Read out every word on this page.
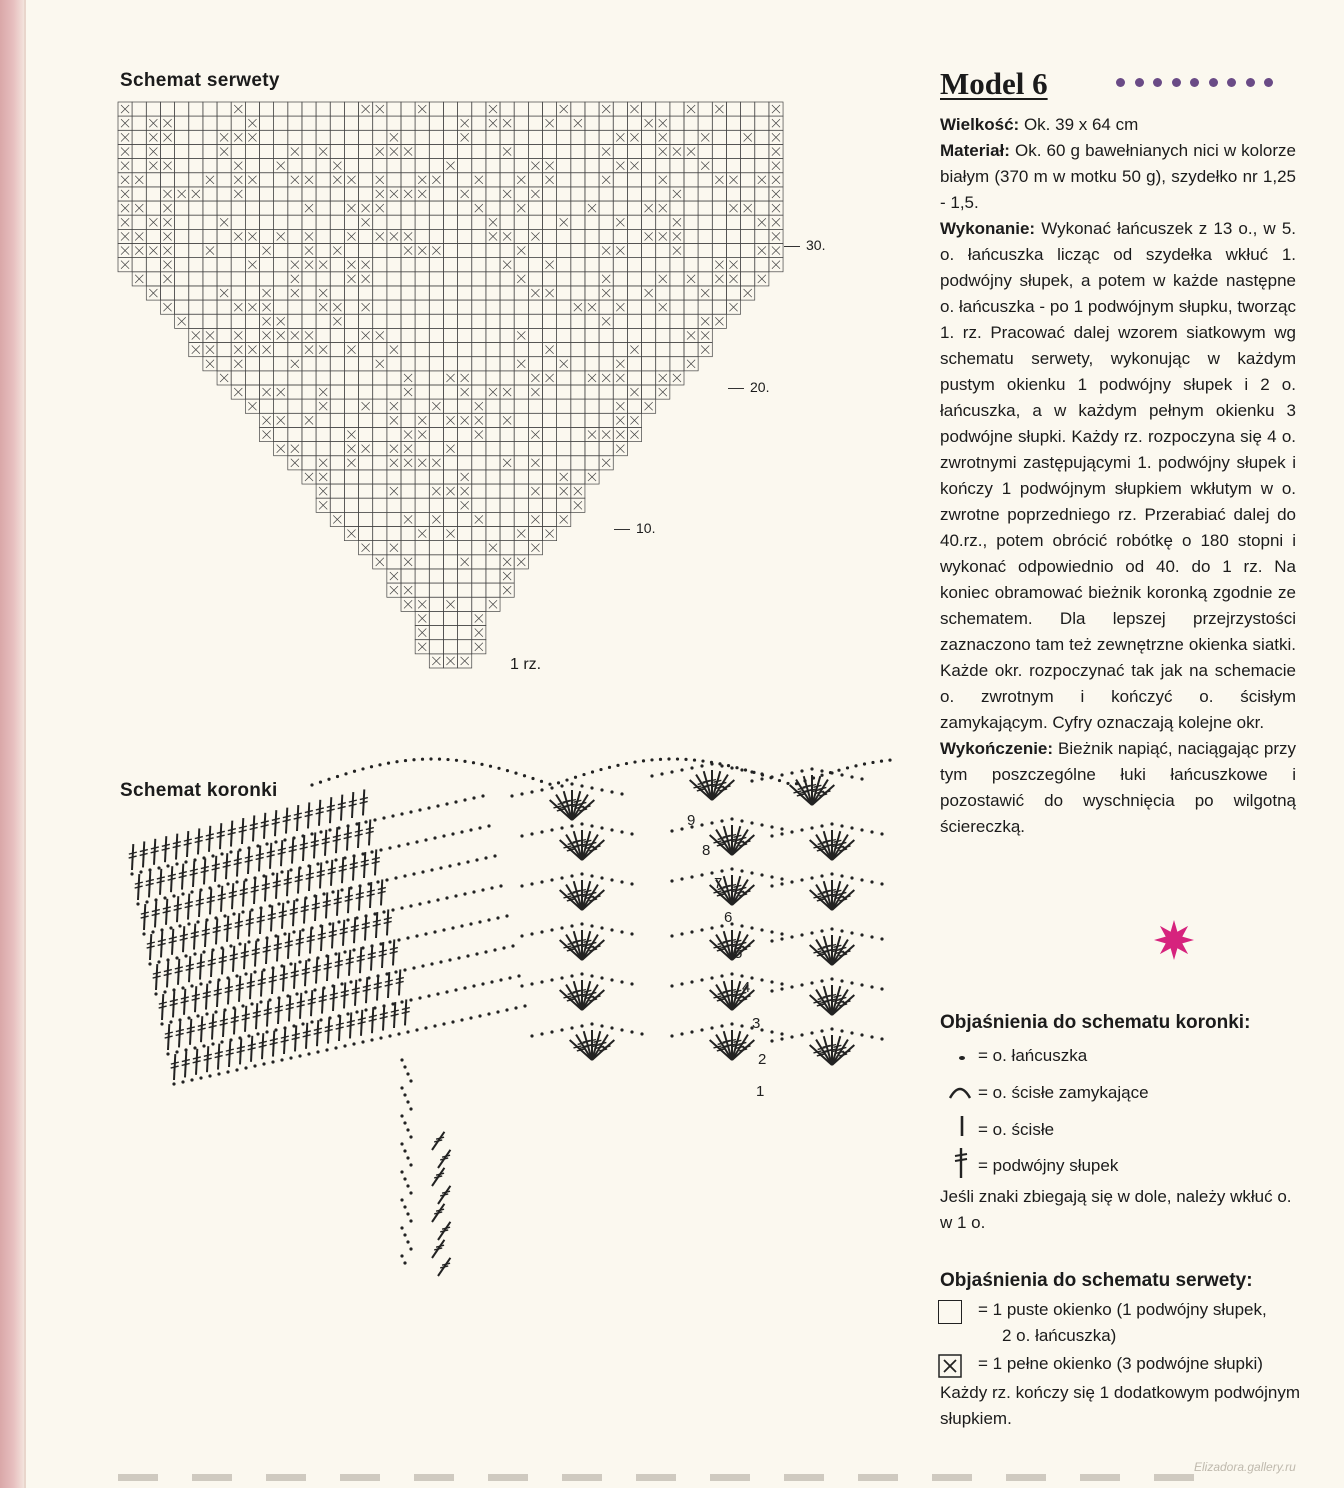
Schemat serwety
30.
20.
10.
1 rz.
Schemat koronki
9
8
7
6
5
4
3
2
1
Model 6

Wielkość: Ok. 39 x 64 cm

Materiał: Ok. 60 g bawełnianych nici w kolorze białym (370 m w motku 50 g), szydełko nr 1,25 - 1,5.

Wykonanie: Wykonać łańcuszek z 13 o., w 5. o. łańcuszka licząc od szydełka wkłuć 1. podwójny słupek, a potem w każde następne o. łańcuszka - po 1 podwójnym słupku, tworząc 1. rz. Pracować dalej wzorem siatkowym wg schematu serwety, wykonując w każdym pustym okienku 1 podwójny słupek i 2 o. łańcuszka, a w każdym pełnym okienku 3 podwójne słupki. Każdy rz. rozpoczyna się 4 o. zwrotnymi zastępującymi 1. podwójny słupek i kończy 1 podwójnym słupkiem wkłutym w o. zwrotne poprzedniego rz. Przerabiać dalej do 40.rz., potem obrócić robótkę o 180 stopni i wykonać odpowiednio od 40. do 1 rz. Na koniec obramować bieżnik koronką zgodnie ze schematem. Dla lepszej przejrzystości zaznaczono tam też zewnętrzne okienka siatki. Każde okr. rozpoczynać tak jak na schemacie o. zwrotnym i kończyć o. ścisłym zamykającym. Cyfry oznaczają kolejne okr.

Wykończenie: Bieżnik napiąć, naciągając przy tym poszczególne łuki łańcuszkowe i pozostawić do wyschnięcia po wilgotną ściereczką.

Objaśnienia do schematu koronki:
= o. łańcuszka
= o. ścisłe zamykające
= o. ścisłe
= podwójny słupek
Jeśli znaki zbiegają się w dole, należy wkłuć o. w 1 o.
Objaśnienia do schematu serwety:
= 1 puste okienko (1 podwójny słupek,
2 o. łańcuszka)
= 1 pełne okienko (3 podwójne słupki)
Każdy rz. kończy się 1 dodatkowym podwójnym słupkiem.
Elizadora.gallery.ru
